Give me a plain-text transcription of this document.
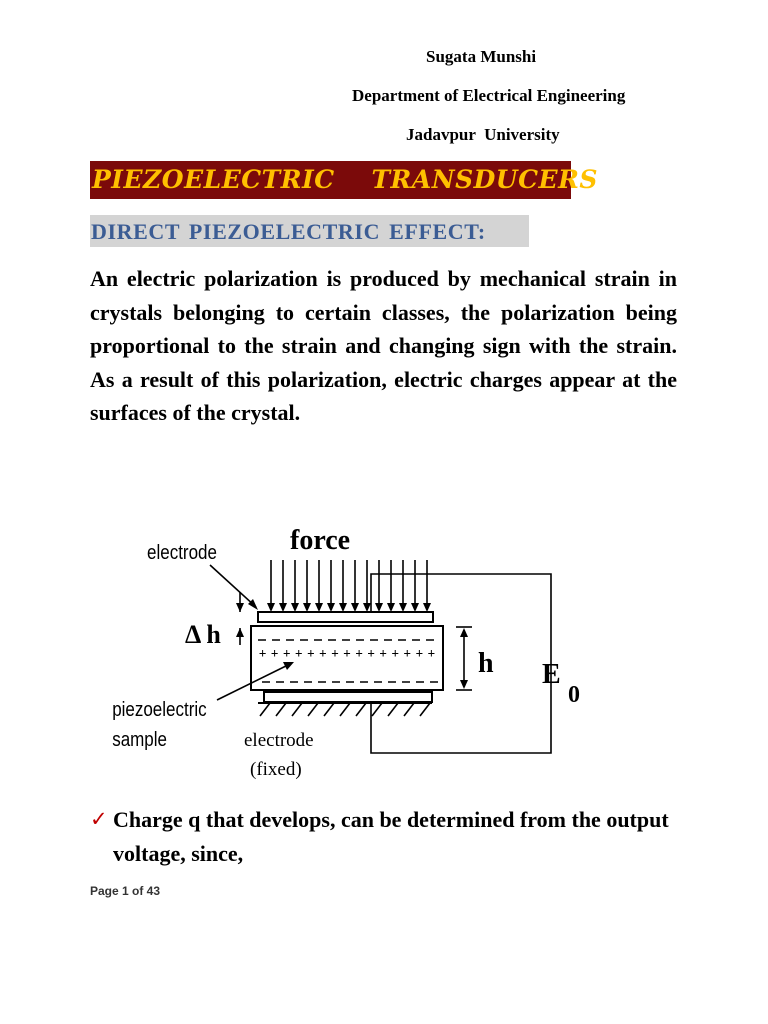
Sugata Munshi
Department of Electrical Engineering
Jadavpur  University
PIEZOELECTRIC    TRANSDUCERS
DIRECT PIEZOELECTRIC EFFECT:

An electric polarization is produced by mechanical strain in crystals belonging to certain classes, the polarization being proportional to the strain and changing sign with the strain. As a result of this polarization, electric charges appear at the surfaces of the crystal.

force
electrode
Δ h
h E
0
+ + + + + + + + + + + + + + +
piezoelectric
sample	electrode
(fixed)
✓ Charge q that develops, can be determined from the output voltage, since,

Page 1 of 43
